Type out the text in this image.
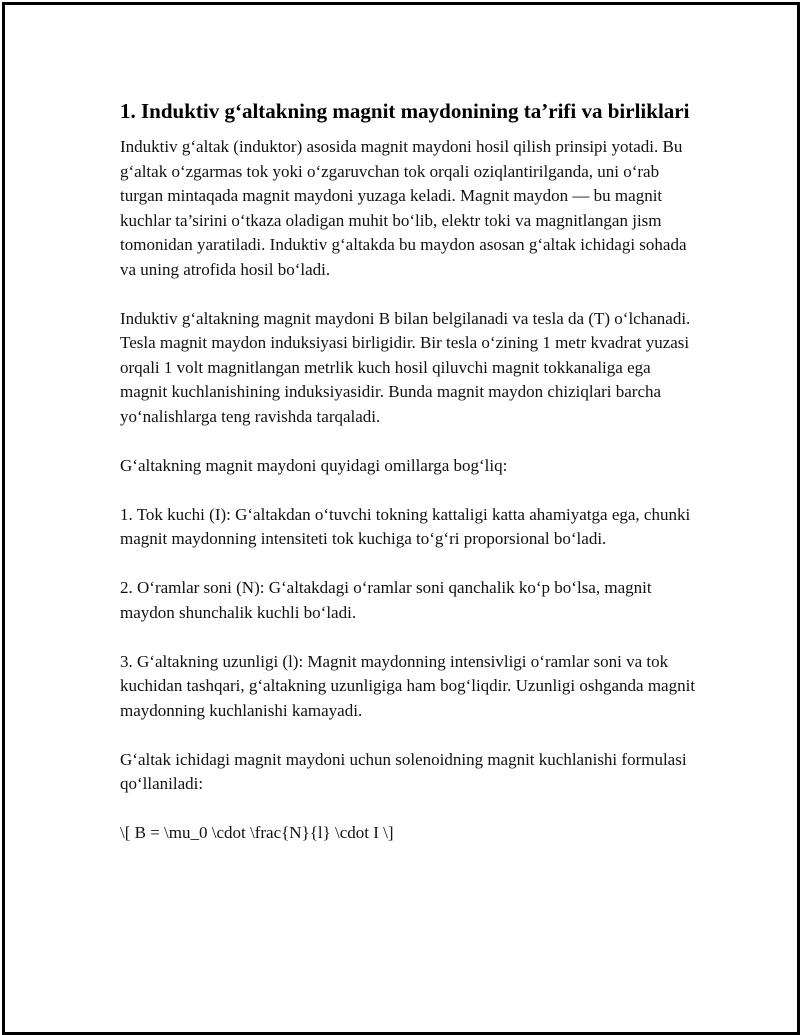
1. Induktiv g‘altakning magnit maydonining ta’rifi va birliklari

Induktiv g‘altak (induktor) asosida magnit maydoni hosil qilish prinsipi yotadi. Bu g‘altak o‘zgarmas tok yoki o‘zgaruvchan tok orqali oziqlantirilganda, uni o‘rab turgan mintaqada magnit maydoni yuzaga keladi. Magnit maydon — bu magnit kuchlar ta’sirini o‘tkaza oladigan muhit bo‘lib, elektr toki va magnitlangan jism tomonidan yaratiladi. Induktiv g‘altakda bu maydon asosan g‘altak ichidagi sohada va uning atrofida hosil bo‘ladi.

Induktiv g‘altakning magnit maydoni B bilan belgilanadi va tesla da (T) o‘lchanadi. Tesla magnit maydon induksiyasi birligidir. Bir tesla o‘zining 1 metr kvadrat yuzasi orqali 1 volt magnitlangan metrlik kuch hosil qiluvchi magnit tokkanaliga ega magnit kuchlanishining induksiyasidir. Bunda magnit maydon chiziqlari barcha yo‘nalishlarga teng ravishda tarqaladi.

G‘altakning magnit maydoni quyidagi omillarga bog‘liq:

1. Tok kuchi (I): G‘altakdan o‘tuvchi tokning kattaligi katta ahamiyatga ega, chunki magnit maydonning intensiteti tok kuchiga to‘g‘ri proporsional bo‘ladi.

2. O‘ramlar soni (N): G‘altakdagi o‘ramlar soni qanchalik ko‘p bo‘lsa, magnit maydon shunchalik kuchli bo‘ladi.

3. G‘altakning uzunligi (l): Magnit maydonning intensivligi o‘ramlar soni va tok kuchidan tashqari, g‘altakning uzunligiga ham bog‘liqdir. Uzunligi oshganda magnit maydonning kuchlanishi kamayadi.

G‘altak ichidagi magnit maydoni uchun solenoidning magnit kuchlanishi formulasi qo‘llaniladi:

\[ B = \mu_0 \cdot \frac{N}{l} \cdot I \]
